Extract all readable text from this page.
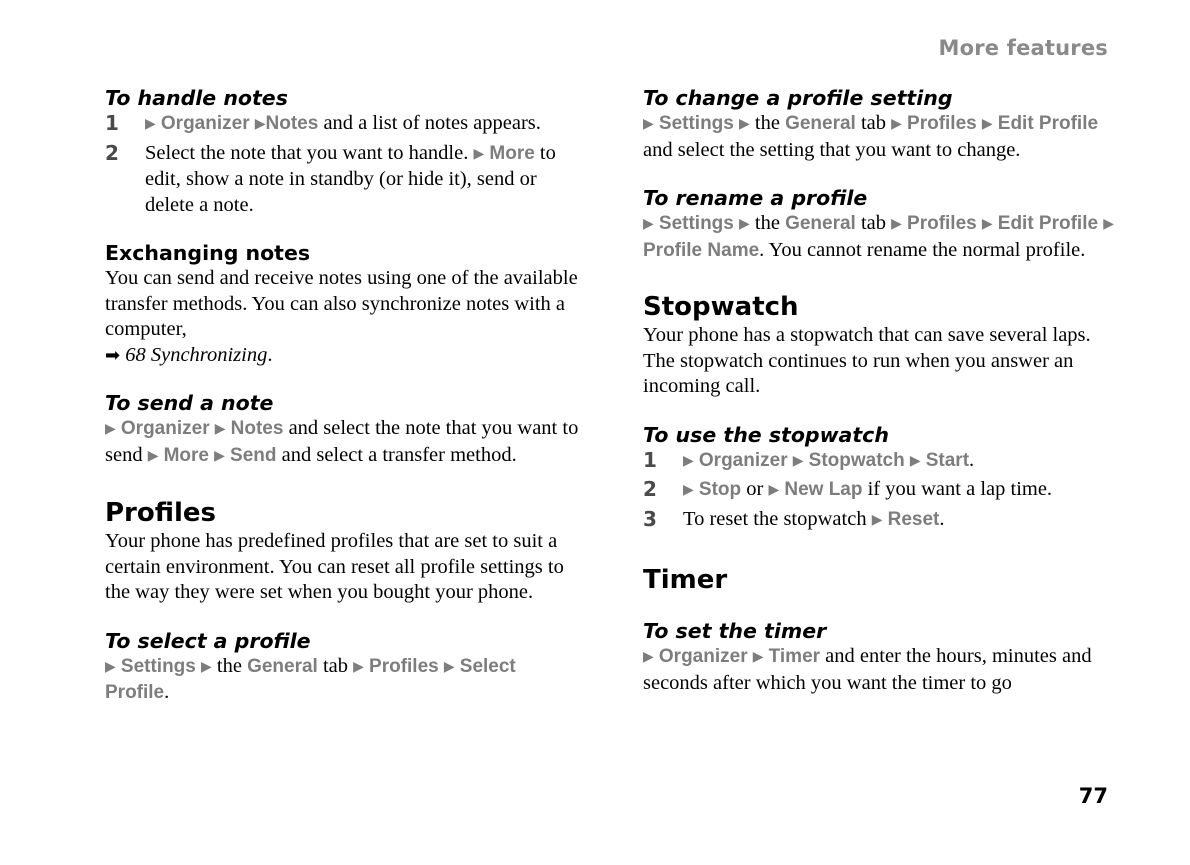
More features
To handle notes
1 ▶ Organizer ▶Notes and a list of notes appears.
2 Select the note that you want to handle. ▶ More to edit, show a note in standby (or hide it), send or delete a note.
Exchanging notes

You can send and receive notes using one of the available transfer methods. You can also synchronize notes with a computer,
➡ 68 Synchronizing.

To send a note

▶ Organizer ▶ Notes and select the note that you want to send ▶ More ▶ Send and select a transfer method.

Profiles

Your phone has predefined profiles that are set to suit a certain environment. You can reset all profile settings to the way they were set when you bought your phone.

To select a profile

▶ Settings ▶ the General tab ▶ Profiles ▶ Select Profile.

To change a profile setting

▶ Settings ▶ the General tab ▶ Profiles ▶ Edit Profile and select the setting that you want to change.

To rename a profile

▶ Settings ▶ the General tab ▶ Profiles ▶ Edit Profile ▶ Profile Name. You cannot rename the normal profile.

Stopwatch

Your phone has a stopwatch that can save several laps. The stopwatch continues to run when you answer an incoming call.

To use the stopwatch
1 ▶ Organizer ▶ Stopwatch ▶ Start.
2 ▶ Stop or ▶ New Lap if you want a lap time.
3 To reset the stopwatch ▶ Reset.
Timer
To set the timer

▶ Organizer ▶ Timer and enter the hours, minutes and seconds after which you want the timer to go

77
